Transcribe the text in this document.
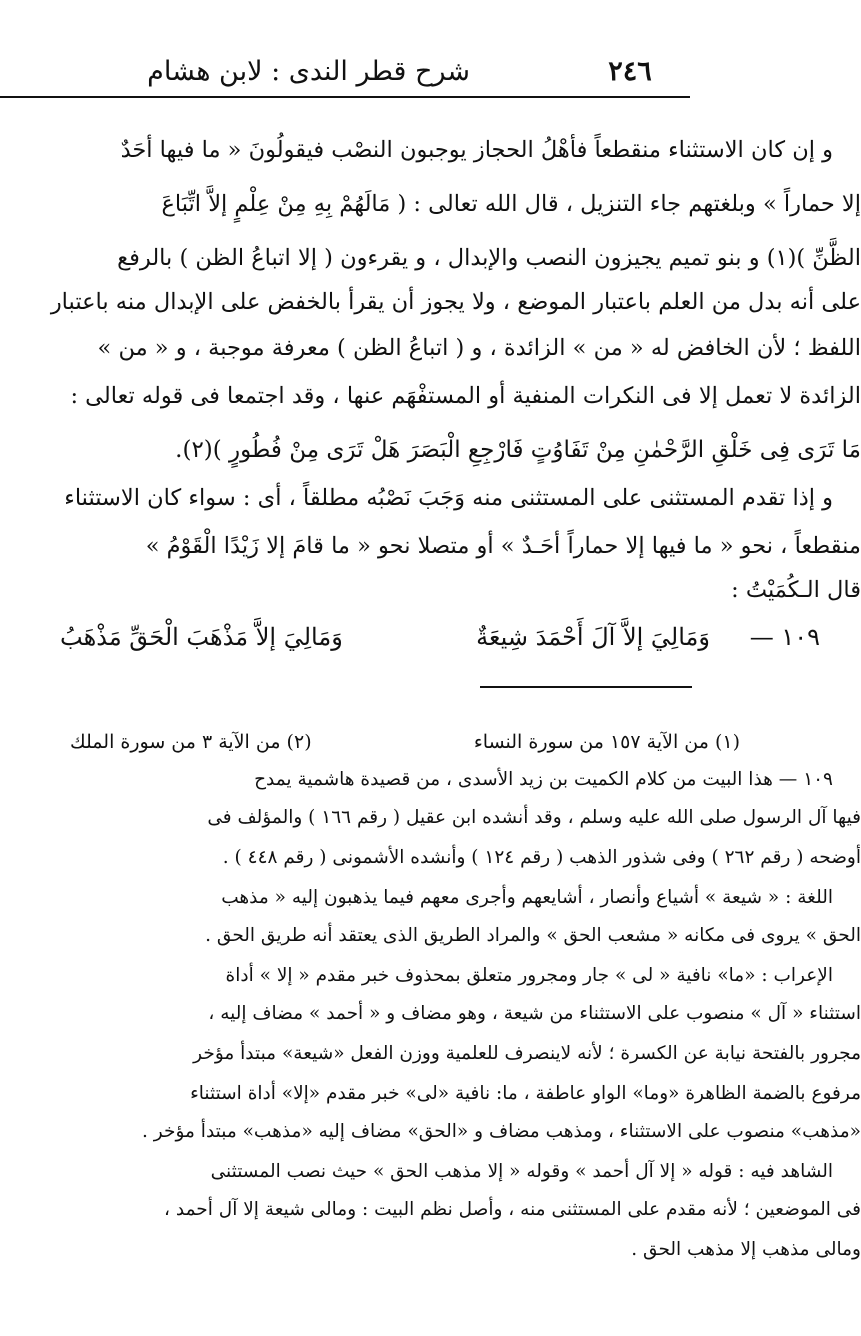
شرح قطر الندى : لابن هشام	٢٤٦
و إن كان الاستثناء منقطعاً فأهْلُ الحجاز يوجبون النصْب فيقولُونَ « ما فيها أحَدٌ
إلا حماراً » وبلغتهم جاء التنزيل ، قال الله تعالى : ( مَالَهُمْ بِهِ مِنْ عِلْمٍ إلاَّ اتِّبَاعَ
الظَّنِّ )(١) و بنو تميم يجيزون النصب والإبدال ، و يقرءون ( إلا اتباعُ الظن ) بالرفع
على أنه بدل من العلم باعتبار الموضع ، ولا يجوز أن يقرأ بالخفض على الإبدال منه باعتبار
اللفظ ؛ لأن الخافض له « من » الزائدة ، و ( اتباعُ الظن ) معرفة موجبة ، و « من »
الزائدة لا تعمل إلا فى النكرات المنفية أو المستفْهَم عنها ، وقد اجتمعا فى قوله تعالى :
مَا تَرَى فِى خَلْقِ الرَّحْمٰنِ مِنْ تَفَاوُتٍ فَارْجِعِ الْبَصَرَ هَلْ تَرَى مِنْ فُطُورٍ )(٢).
و إذا تقدم المستثنى على المستثنى منه وَجَبَ نَصْبُه مطلقاً ، أى : سواء كان الاستثناء
منقطعاً ، نحو « ما فيها إلا حماراً أحَـدٌ » أو متصلا نحو « ما قامَ إلا زَيْدًا الْقَوْمُ »
قال الـكُمَيْتُ :
١٠٩ —
وَمَالِيَ إلاَّ آلَ أَحْمَدَ شِيعَةٌ
وَمَالِيَ إلاَّ مَذْهَبَ الْحَقِّ مَذْهَبُ
(١) من الآية ١٥٧ من سورة النساء
(٢) من الآية ٣ من سورة الملك
١٠٩ — هذا البيت من كلام الكميت بن زيد الأسدى ، من قصيدة هاشمية يمدح
فيها آل الرسول صلى الله عليه وسلم ، وقد أنشده ابن عقيل ( رقم ١٦٦ ) والمؤلف فى
أوضحه ( رقم ٢٦٢ ) وفى شذور الذهب ( رقم ١٢٤ ) وأنشده الأشمونى ( رقم ٤٤٨ ) .
اللغة : « شيعة » أشياع وأنصار ، أشايعهم وأجرى معهم فيما يذهبون إليه « مذهب
الحق » يروى فى مكانه « مشعب الحق » والمراد الطريق الذى يعتقد أنه طريق الحق .
الإعراب : «ما» نافية « لى » جار ومجرور متعلق بمحذوف خبر مقدم « إلا » أداة
استثناء « آل » منصوب على الاستثناء من شيعة ، وهو مضاف و « أحمد » مضاف إليه ،
مجرور بالفتحة نيابة عن الكسرة ؛ لأنه لاينصرف للعلمية ووزن الفعل «شيعة» مبتدأ مؤخر
مرفوع بالضمة الظاهرة «وما» الواو عاطفة ، ما: نافية «لى» خبر مقدم «إلا» أداة استثناء
«مذهب» منصوب على الاستثناء ، ومذهب مضاف و «الحق» مضاف إليه «مذهب» مبتدأ مؤخر .
الشاهد فيه : قوله « إلا آل أحمد » وقوله « إلا مذهب الحق » حيث نصب المستثنى
فى الموضعين ؛ لأنه مقدم على المستثنى منه ، وأصل نظم البيت : ومالى شيعة إلا آل أحمد ،
ومالى مذهب إلا مذهب الحق .
